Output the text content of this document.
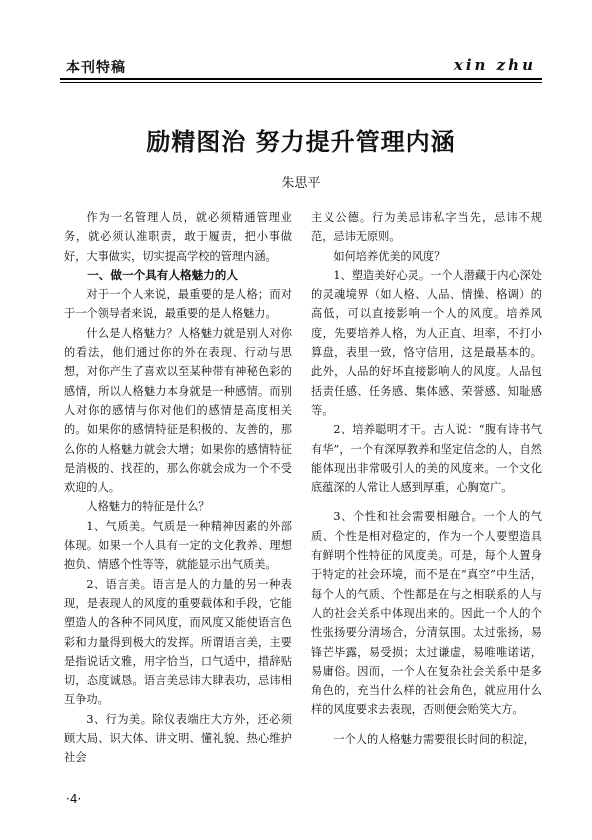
本刊特稿	xin zhu
励精图治 努力提升管理内涵
朱思平

作为一名管理人员，就必须精通管理业务，就必须认准职责，敢于履责，把小事做好，大事做实，切实提高学校的管理内涵。

一、做一个具有人格魅力的人

对于一个人来说，最重要的是人格；而对于一个领导者来说，最重要的是人格魅力。

什么是人格魅力？人格魅力就是别人对你的看法，他们通过你的外在表现、行动与思想，对你产生了喜欢以至某种带有神秘色彩的感情，所以人格魅力本身就是一种感情。而别人对你的感情与你对他们的感情是高度相关的。如果你的感情特征是积极的、友善的，那么你的人格魅力就会大增；如果你的感情特征是消极的、找茬的，那么你就会成为一个不受欢迎的人。

人格魅力的特征是什么？

1、气质美。气质是一种精神因素的外部体现。如果一个人具有一定的文化教养、理想抱负、情感个性等等，就能显示出气质美。

2、语言美。语言是人的力量的另一种表现，是表现人的风度的重要载体和手段，它能塑造人的各种不同风度，而风度又能使语言色彩和力量得到极大的发挥。所谓语言美，主要是指说话文雅，用字恰当，口气适中，措辞贴切，态度诚恳。语言美忌讳大肆表功，忌讳相互争功。

3、行为美。除仪表端庄大方外，还必须顾大局、识大体、讲文明、懂礼貌、热心维护社会

主义公德。行为美忌讳私字当先，忌讳不规范，忌讳无原则。

如何培养优美的风度？

1、塑造美好心灵。一个人潜藏于内心深处的灵魂境界（如人格、人品、情操、格调）的高低，可以直接影响一个人的风度。培养风度，先要培养人格，为人正直、坦率，不打小算盘，表里一致，恪守信用，这是最基本的。此外，人品的好坏直接影响人的风度。人品包括责任感、任务感、集体感、荣誉感、知耻感等。

2、培养聪明才干。古人说：“腹有诗书气有华”，一个有深厚教养和坚定信念的人，自然能体现出非常吸引人的美的风度来。一个文化底蕴深的人常让人感到厚重，心胸宽广。

3、个性和社会需要相融合。一个人的气质、个性是相对稳定的，作为一个人要塑造具有鲜明个性特征的风度美。可是，每个人置身于特定的社会环境，而不是在“真空”中生活，每个人的气质、个性都是在与之相联系的人与人的社会关系中体现出来的。因此一个人的个性张扬要分清场合，分清氛围。太过张扬，易锋芒毕露，易受损；太过谦虚，易唯唯诺诺，易庸俗。因而，一个人在复杂社会关系中是多角色的，充当什么样的社会角色，就应用什么样的风度要求去表现，否则便会贻笑大方。

一个人的人格魅力需要很长时间的积淀，

·4·
